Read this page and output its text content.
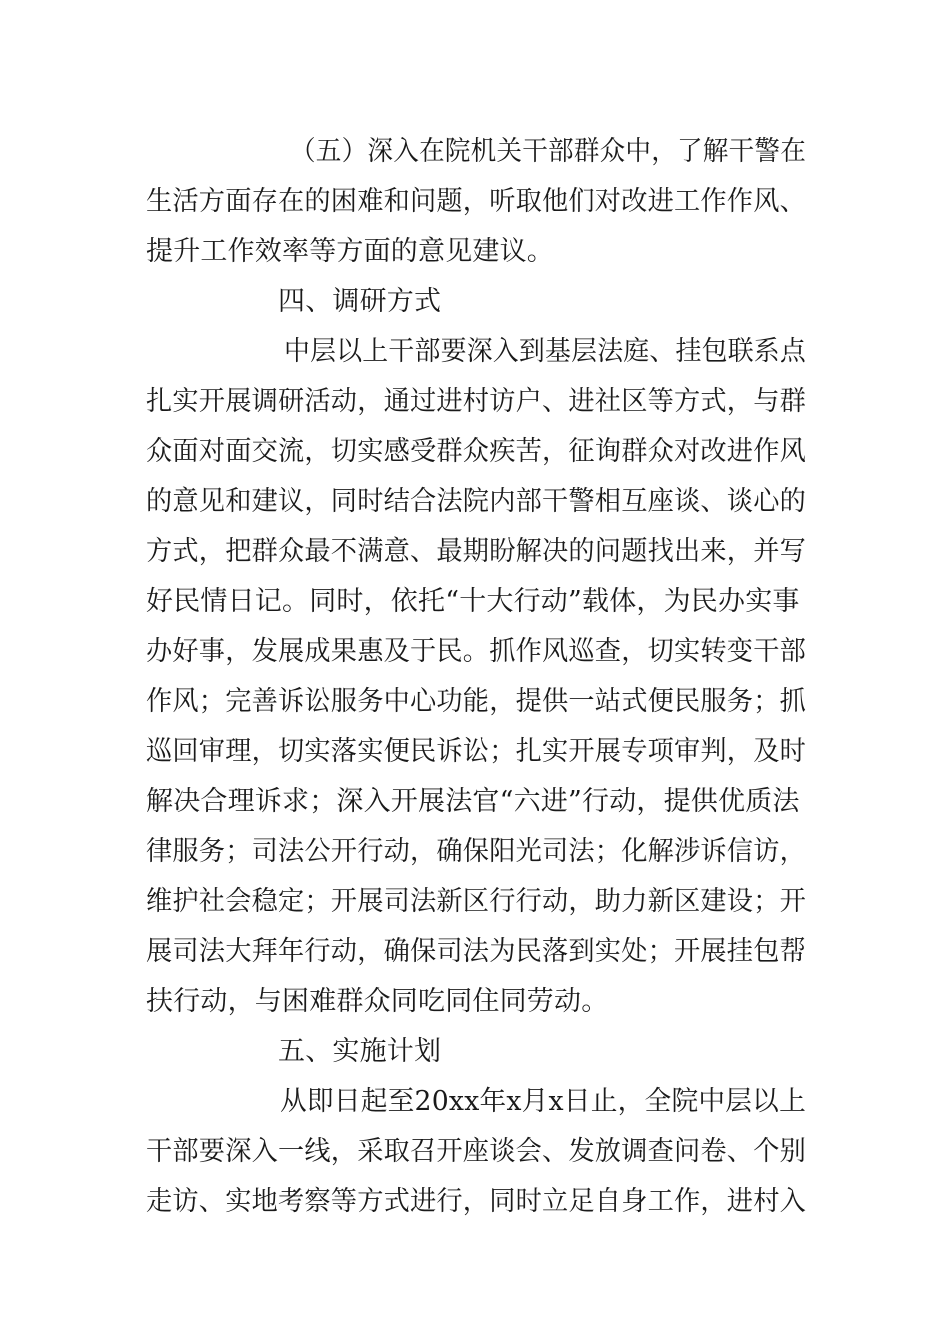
（五）深入在院机关干部群众中，了解干警在
生活方面存在的困难和问题，听取他们对改进工作作风、
提升工作效率等方面的意见建议。
四、调研方式
中层以上干部要深入到基层法庭、挂包联系点
扎实开展调研活动，通过进村访户、进社区等方式，与群
众面对面交流，切实感受群众疾苦，征询群众对改进作风
的意见和建议，同时结合法院内部干警相互座谈、谈心的
方式，把群众最不满意、最期盼解决的问题找出来，并写
好民情日记。同时，依托“十大行动”载体，为民办实事
办好事，发展成果惠及于民。抓作风巡查，切实转变干部
作风；完善诉讼服务中心功能，提供一站式便民服务；抓
巡回审理，切实落实便民诉讼；扎实开展专项审判，及时
解决合理诉求；深入开展法官“六进”行动，提供优质法
律服务；司法公开行动，确保阳光司法；化解涉诉信访，
维护社会稳定；开展司法新区行行动，助力新区建设；开
展司法大拜年行动，确保司法为民落到实处；开展挂包帮
扶行动，与困难群众同吃同住同劳动。
五、实施计划
从即日起至20xx年x月x日止，全院中层以上
干部要深入一线，采取召开座谈会、发放调查问卷、个别
走访、实地考察等方式进行，同时立足自身工作，进村入
